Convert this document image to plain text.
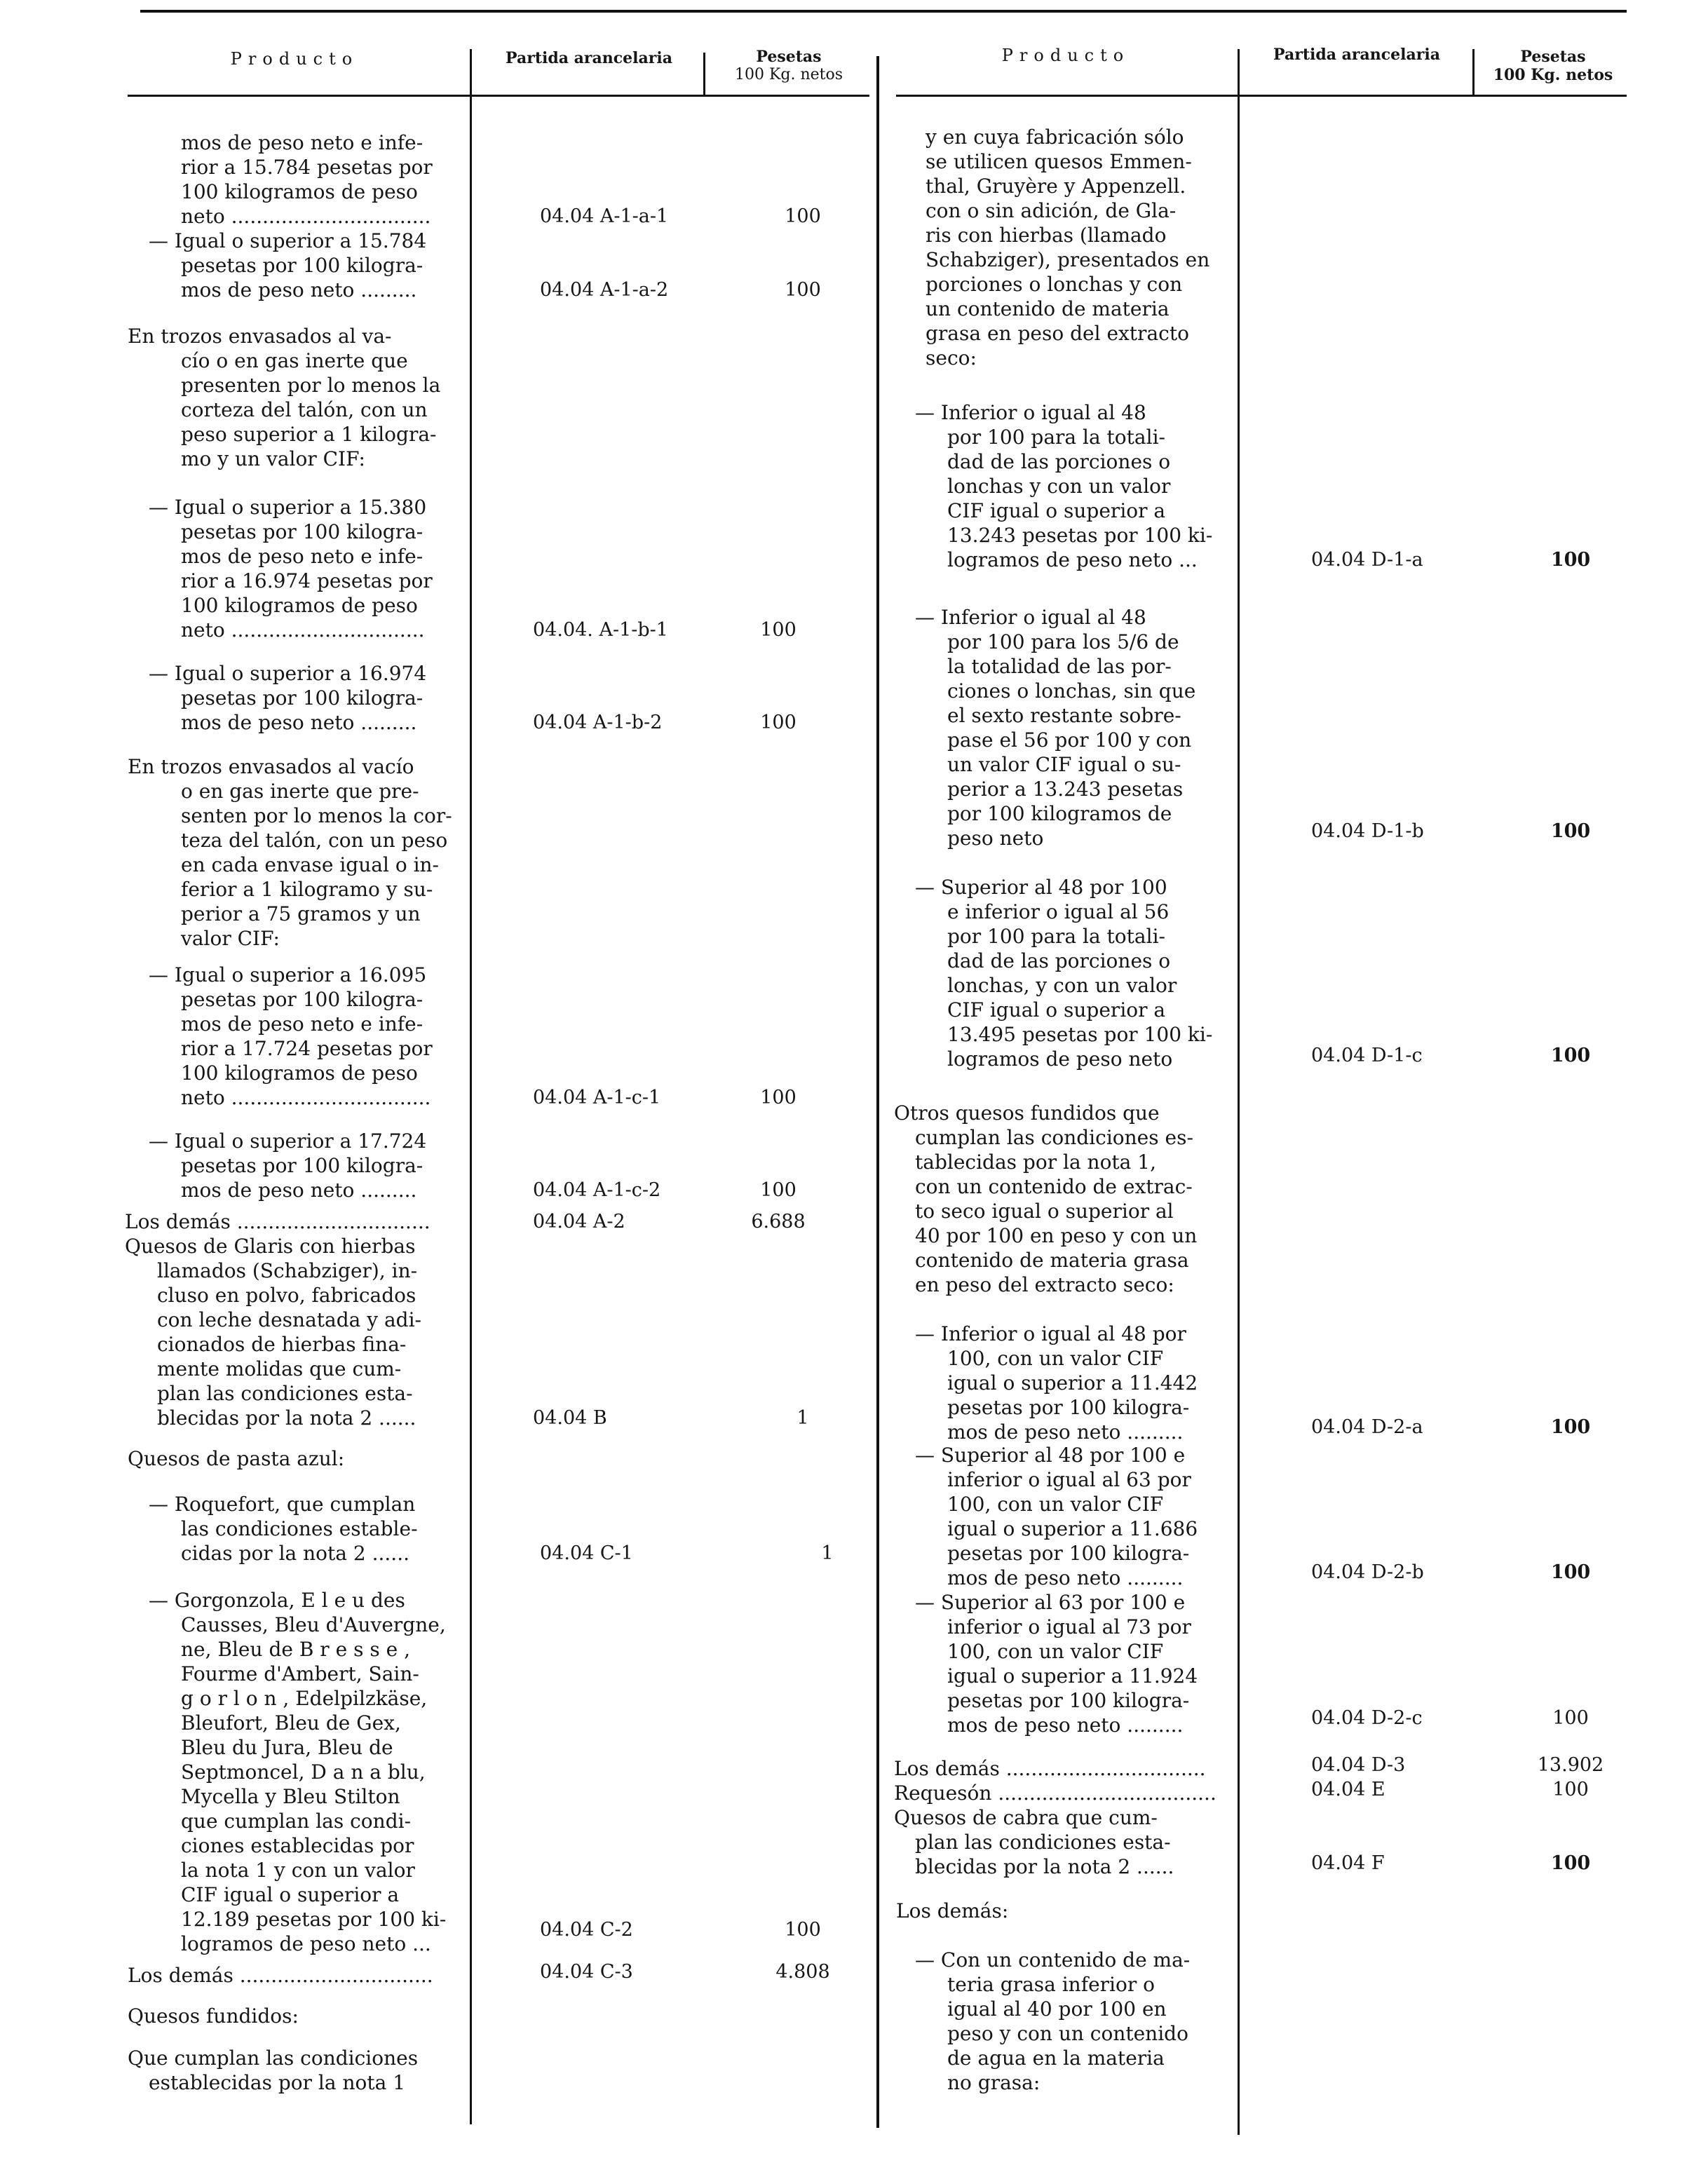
Producto	Partida arancelaria	Pesetas
100 Kg. netos
Producto	Partida arancelaria	Pesetas
100 Kg. netos
mos de peso neto e infe-
rior a 15.784 pesetas por
100 kilogramos de peso
neto ................................	04.04 A-1-a-1	100
— Igual o superior a 15.784
pesetas por 100 kilogra-
mos de peso neto .........	04.04 A-1-a-2	100
En trozos envasados al va-
cío o en gas inerte que
presenten por lo menos la
corteza del talón, con un
peso superior a 1 kilogra-
mo y un valor CIF:
— Igual o superior a 15.380
pesetas por 100 kilogra-
mos de peso neto e infe-
rior a 16.974 pesetas por
100 kilogramos de peso
neto ...............................	04.04. A-1-b-1	100
— Igual o superior a 16.974
pesetas por 100 kilogra-
mos de peso neto .........	04.04 A-1-b-2	100
En trozos envasados al vacío
o en gas inerte que pre-
senten por lo menos la cor-
teza del talón, con un peso
en cada envase igual o in-
ferior a 1 kilogramo y su-
perior a 75 gramos y un
valor CIF:
— Igual o superior a 16.095
pesetas por 100 kilogra-
mos de peso neto e infe-
rior a 17.724 pesetas por
100 kilogramos de peso
neto ................................	04.04 A-1-c-1	100
— Igual o superior a 17.724
pesetas por 100 kilogra-
mos de peso neto .........	04.04 A-1-c-2	100
Los demás ...............................	04.04 A-2	6.688
Quesos de Glaris con hierbas
llamados (Schabziger), in-
cluso en polvo, fabricados
con leche desnatada y adi-
cionados de hierbas fina-
mente molidas que cum-
plan las condiciones esta-
blecidas por la nota 2 ......	04.04 B	1
Quesos de pasta azul:
— Roquefort, que cumplan
las condiciones estable-
cidas por la nota 2 ......	04.04 C-1	1
— Gorgonzola, E l e u des
Causses, Bleu d'Auvergne,
ne, Bleu de B r e s s e ,
Fourme d'Ambert, Sain-
g o r l o n , Edelpilzkäse,
Bleufort, Bleu de Gex,
Bleu du Jura, Bleu de
Septmoncel, D a n a blu,
Mycella y Bleu Stilton
que cumplan las condi-
ciones establecidas por
la nota 1 y con un valor
CIF igual o superior a
12.189 pesetas por 100 ki-
logramos de peso neto ...
04.04 C-2	100
Los demás ...............................	04.04 C-3	4.808
Quesos fundidos:
Que cumplan las condiciones
establecidas por la nota 1
y en cuya fabricación sólo
se utilicen quesos Emmen-
thal, Gruyère y Appenzell.
con o sin adición, de Gla-
ris con hierbas (llamado
Schabziger), presentados en
porciones o lonchas y con
un contenido de materia
grasa en peso del extracto
seco:
— Inferior o igual al 48
por 100 para la totali-
dad de las porciones o
lonchas y con un valor
CIF igual o superior a
13.243 pesetas por 100 ki-
logramos de peso neto ...	04.04 D-1-a	100
— Inferior o igual al 48
por 100 para los 5/6 de
la totalidad de las por-
ciones o lonchas, sin que
el sexto restante sobre-
pase el 56 por 100 y con
un valor CIF igual o su-
perior a 13.243 pesetas
por 100 kilogramos de
peso neto	04.04 D-1-b	100
— Superior al 48 por 100
e inferior o igual al 56
por 100 para la totali-
dad de las porciones o
lonchas, y con un valor
CIF igual o superior a
13.495 pesetas por 100 ki-
logramos de peso neto	04.04 D-1-c	100
Otros quesos fundidos que
cumplan las condiciones es-
tablecidas por la nota 1,
con un contenido de extrac-
to seco igual o superior al
40 por 100 en peso y con un
contenido de materia grasa
en peso del extracto seco:
— Inferior o igual al 48 por
100, con un valor CIF
igual o superior a 11.442
pesetas por 100 kilogra-
mos de peso neto .........	04.04 D-2-a	100
— Superior al 48 por 100 e
inferior o igual al 63 por
100, con un valor CIF
igual o superior a 11.686
pesetas por 100 kilogra-
mos de peso neto .........	04.04 D-2-b	100
— Superior al 63 por 100 e
inferior o igual al 73 por
100, con un valor CIF
igual o superior a 11.924
pesetas por 100 kilogra-
mos de peso neto .........	04.04 D-2-c	100
Los demás ................................	04.04 D-3	13.902
Requesón ...................................	04.04 E	100
Quesos de cabra que cum-
plan las condiciones esta-
blecidas por la nota 2 ......	04.04 F	100
Los demás:
— Con un contenido de ma-
teria grasa inferior o
igual al 40 por 100 en
peso y con un contenido
de agua en la materia
no grasa:
